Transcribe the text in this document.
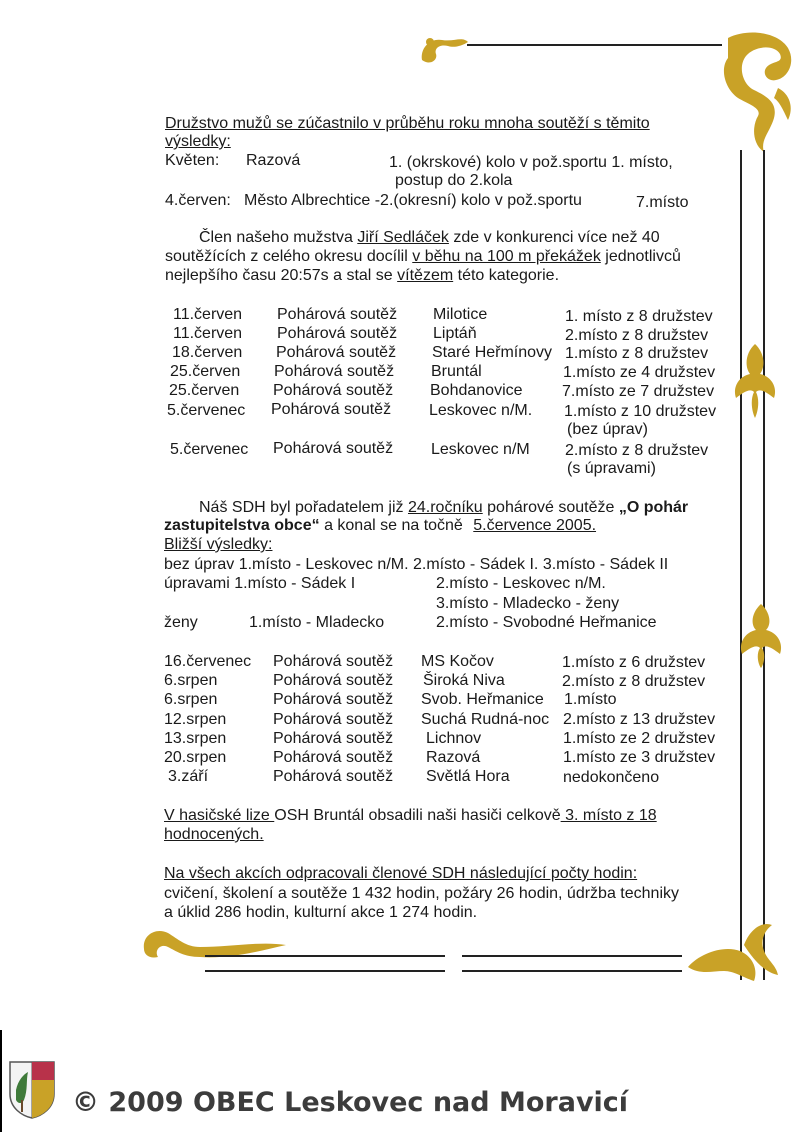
Družstvo mužů se zúčastnilo v průběhu roku mnoha soutěží s těmito
výsledky:
Květen: Razová	1. (okrskové) kolo v pož.sportu 1. místo,
postup do 2.kola
4.červen: Město Albrechtice -2.(okresní) kolo v pož.sportu	7.místo
Člen našeho mužstva Jiří Sedláček zde v konkurenci více než 40
soutěžících z celého okresu docílil v běhu na 100 m překážek jednotlivců
nejlepšího času 20:57s a stal se vítězem této kategorie.
11.červen Pohárová soutěž Milotice	1. místo z 8 družstev
11.červen Pohárová soutěž Liptáň	2.místo z 8 družstev
18.červen Pohárová soutěž Staré Heřmínovy 1.místo z 8 družstev
25.červen Pohárová soutěž Bruntál	1.místo ze 4 družstev
25.červen Pohárová soutěž Bohdanovice 7.místo ze 7 družstev
5.červenec Pohárová soutěž Leskovec n/M. 1.místo z 10 družstev
(bez úprav)
5.červenec Pohárová soutěž Leskovec n/M 2.místo z 8 družstev
(s úpravami)
Náš SDH byl pořadatelem již 24.ročníku pohárové soutěže „O pohár
zastupitelstva obce“ a konal se na točně 5.července 2005.
Bližší výsledky:
bez úprav 1.místo - Leskovec n/M. 2.místo - Sádek I. 3.místo - Sádek II
úpravami 1.místo - Sádek I	2.místo - Leskovec n/M.
3.místo - Mladecko - ženy
ženy	1.místo - Mladecko	2.místo - Svobodné Heřmanice
16.červenec Pohárová soutěž MS Kočov	1.místo z 6 družstev
6.srpen	Pohárová soutěž Široká Niva	2.místo z 8 družstev
6.srpen	Pohárová soutěž Svob. Heřmanice 1.místo
12.srpen	Pohárová soutěž Suchá Rudná-noc 2.místo z 13 družstev
13.srpen	Pohárová soutěž Lichnov	1.místo ze 2 družstev
20.srpen	Pohárová soutěž Razová	1.místo ze 3 družstev
3.září	Pohárová soutěž Světlá Hora	nedokončeno
V hasičské lize OSH Bruntál obsadili naši hasiči celkově 3. místo z 18
hodnocených.
Na všech akcích odpracovali členové SDH následující počty hodin:
cvičení, školení a soutěže 1 432 hodin, požáry 26 hodin, údržba techniky
a úklid 286 hodin, kulturní akce 1 274 hodin.
© 2009 OBEC Leskovec nad Moravicí
